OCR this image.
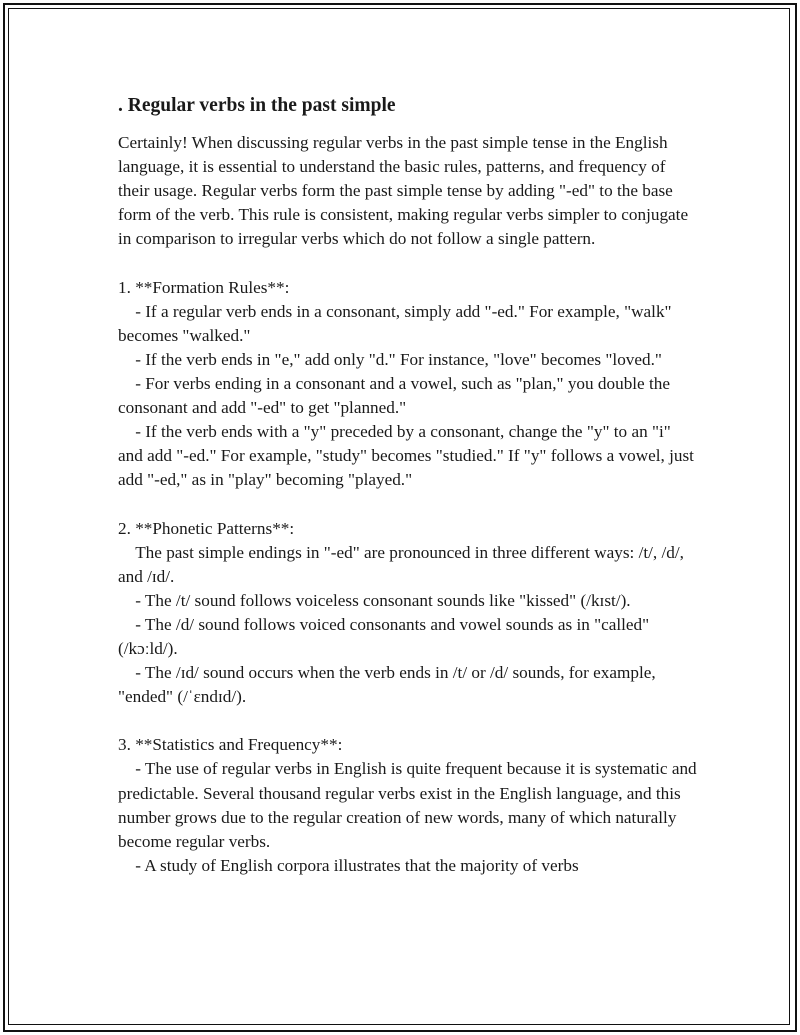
. Regular verbs in the past simple

Certainly! When discussing regular verbs in the past simple tense in the English language, it is essential to understand the basic rules, patterns, and frequency of their usage. Regular verbs form the past simple tense by adding "-ed" to the base form of the verb. This rule is consistent, making regular verbs simpler to conjugate in comparison to irregular verbs which do not follow a single pattern.

1. **Formation Rules**:

- If a regular verb ends in a consonant, simply add "-ed." For example, "walk" becomes "walked."

- If the verb ends in "e," add only "d." For instance, "love" becomes "loved."

- For verbs ending in a consonant and a vowel, such as "plan," you double the consonant and add "-ed" to get "planned."

- If the verb ends with a "y" preceded by a consonant, change the "y" to an "i" and add "-ed." For example, "study" becomes "studied." If "y" follows a vowel, just add "-ed," as in "play" becoming "played."

2. **Phonetic Patterns**:

The past simple endings in "-ed" are pronounced in three different ways: /t/, /d/, and /ɪd/.

- The /t/ sound follows voiceless consonant sounds like "kissed" (/kɪst/).

- The /d/ sound follows voiced consonants and vowel sounds as in "called" (/kɔːld/).

- The /ɪd/ sound occurs when the verb ends in /t/ or /d/ sounds, for example, "ended" (/ˈɛndɪd/).

3. **Statistics and Frequency**:

- The use of regular verbs in English is quite frequent because it is systematic and predictable. Several thousand regular verbs exist in the English language, and this number grows due to the regular creation of new words, many of which naturally become regular verbs.

- A study of English corpora illustrates that the majority of verbs
